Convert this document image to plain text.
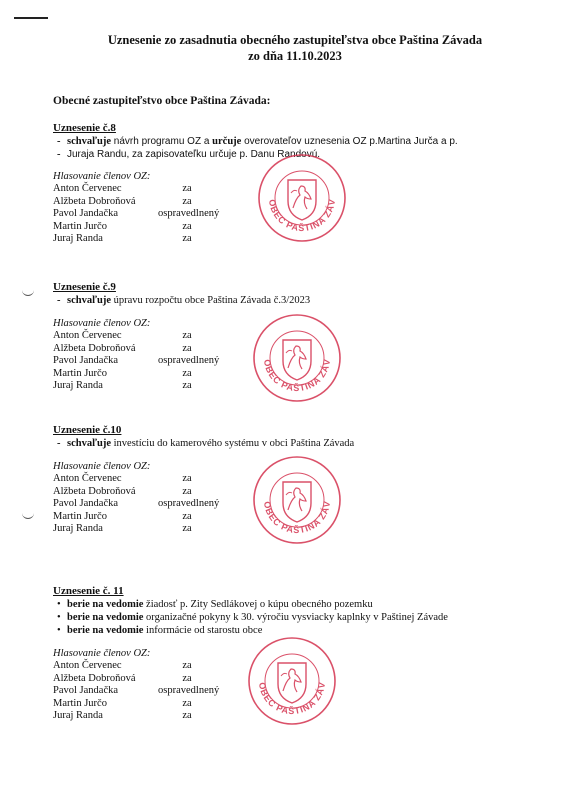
Uznesenie zo zasadnutia obecného zastupiteľstva obce Paština Závada
zo dňa 11.10.2023
Obecné zastupiteľstvo obce Paština Závada:
Uznesenie č.8
- schvaľuje návrh programu OZ a určuje overovateľov uznesenia OZ p.Martina Jurča a p.
- Juraja Randu, za zapisovateľku určuje p. Danu Randovú.
Hlasovanie členov OZ:
Anton Červenec	za
Alžbeta Dobroňová	za
Pavol Jandačka	ospravedlnený
Martin Jurčo	za
Juraj Randa	za
Uznesenie č.9
- schvaľuje úpravu rozpočtu obce Paština Závada č.3/2023
Hlasovanie členov OZ:
Anton Červenec	za
Alžbeta Dobroňová	za
Pavol Jandačka	ospravedlnený
Martin Jurčo	za
Juraj Randa	za
Uznesenie č.10
- schvaľuje investíciu do kamerového systému v obci Paština Závada
Hlasovanie členov OZ:
Anton Červenec	za
Alžbeta Dobroňová	za
Pavol Jandačka	ospravedlnený
Martin Jurčo	za
Juraj Randa	za
Uznesenie č. 11
• berie na vedomie žiadosť p. Zity Sedlákovej o kúpu obecného pozemku
• berie na vedomie organizačné pokyny k 30. výročiu vysviacky kaplnky v Paštinej Závade
• berie na vedomie informácie od starostu obce
Hlasovanie členov OZ:
Anton Červenec	za
Alžbeta Dobroňová	za
Pavol Jandačka	ospravedlnený
Martin Jurčo	za
Juraj Randa	za
OBEC PAŠTINA ZÁV
OBEC PAŠTINA ZÁV
OBEC PAŠTINA ZÁV
OBEC PAŠTINA ZÁV
